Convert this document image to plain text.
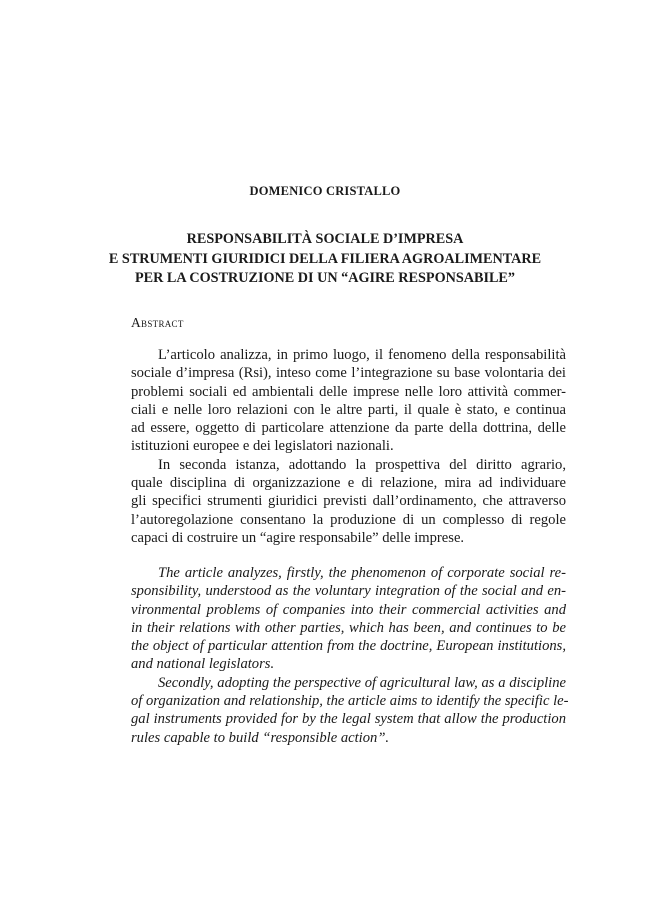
DOMENICO CRISTALLO
RESPONSABILITÀ SOCIALE D’IMPRESA
E STRUMENTI GIURIDICI DELLA FILIERA AGROALIMENTARE
PER LA COSTRUZIONE DI UN “AGIRE RESPONSABILE”
Abstract
L’articolo analizza, in primo luogo, il fenomeno della responsabilità
sociale d’impresa (Rsi), inteso come l’integrazione su base volontaria dei
problemi sociali ed ambientali delle imprese nelle loro attività commer-
ciali e nelle loro relazioni con le altre parti, il quale è stato, e continua
ad essere, oggetto di particolare attenzione da parte della dottrina, delle
istituzioni europee e dei legislatori nazionali.
In seconda istanza, adottando la prospettiva del diritto agrario,
quale disciplina di organizzazione e di relazione, mira ad individuare
gli specifici strumenti giuridici previsti dall’ordinamento, che attraverso
l’autoregolazione consentano la produzione di un complesso di regole
capaci di costruire un “agire responsabile” delle imprese.
The article analyzes, firstly, the phenomenon of corporate social re-
sponsibility, understood as the voluntary integration of the social and en-
vironmental problems of companies into their commercial activities and
in their relations with other parties, which has been, and continues to be
the object of particular attention from the doctrine, European institutions,
and national legislators.
Secondly, adopting the perspective of agricultural law, as a discipline
of organization and relationship, the article aims to identify the specific le-
gal instruments provided for by the legal system that allow the production
rules capable to build “responsible action”.
